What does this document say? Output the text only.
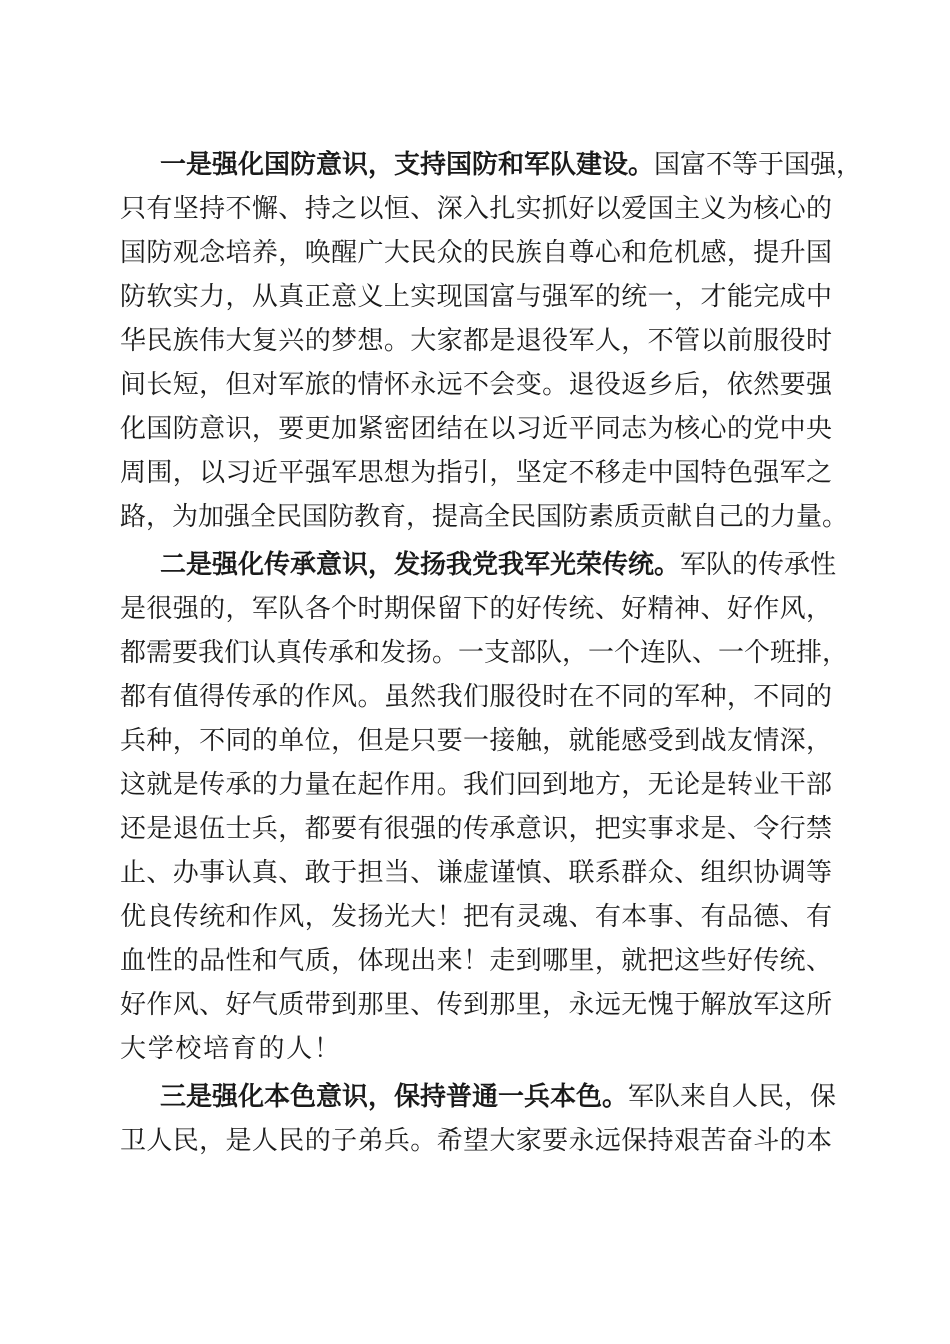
一是强化国防意识，支持国防和军队建设。国富不等于国强，
只有坚持不懈、持之以恒、深入扎实抓好以爱国主义为核心的
国防观念培养，唤醒广大民众的民族自尊心和危机感，提升国
防软实力，从真正意义上实现国富与强军的统一，才能完成中
华民族伟大复兴的梦想。大家都是退役军人，不管以前服役时
间长短，但对军旅的情怀永远不会变。退役返乡后，依然要强
化国防意识，要更加紧密团结在以习近平同志为核心的党中央
周围，以习近平强军思想为指引，坚定不移走中国特色强军之
路，为加强全民国防教育，提高全民国防素质贡献自己的力量。
二是强化传承意识，发扬我党我军光荣传统。军队的传承性
是很强的，军队各个时期保留下的好传统、好精神、好作风，
都需要我们认真传承和发扬。一支部队，一个连队、一个班排，
都有值得传承的作风。虽然我们服役时在不同的军种，不同的
兵种，不同的单位，但是只要一接触，就能感受到战友情深，
这就是传承的力量在起作用。我们回到地方，无论是转业干部
还是退伍士兵，都要有很强的传承意识，把实事求是、令行禁
止、办事认真、敢于担当、谦虚谨慎、联系群众、组织协调等
优良传统和作风，发扬光大！把有灵魂、有本事、有品德、有
血性的品性和气质，体现出来！走到哪里，就把这些好传统、
好作风、好气质带到那里、传到那里，永远无愧于解放军这所
大学校培育的人！
三是强化本色意识，保持普通一兵本色。军队来自人民，保
卫人民，是人民的子弟兵。希望大家要永远保持艰苦奋斗的本
